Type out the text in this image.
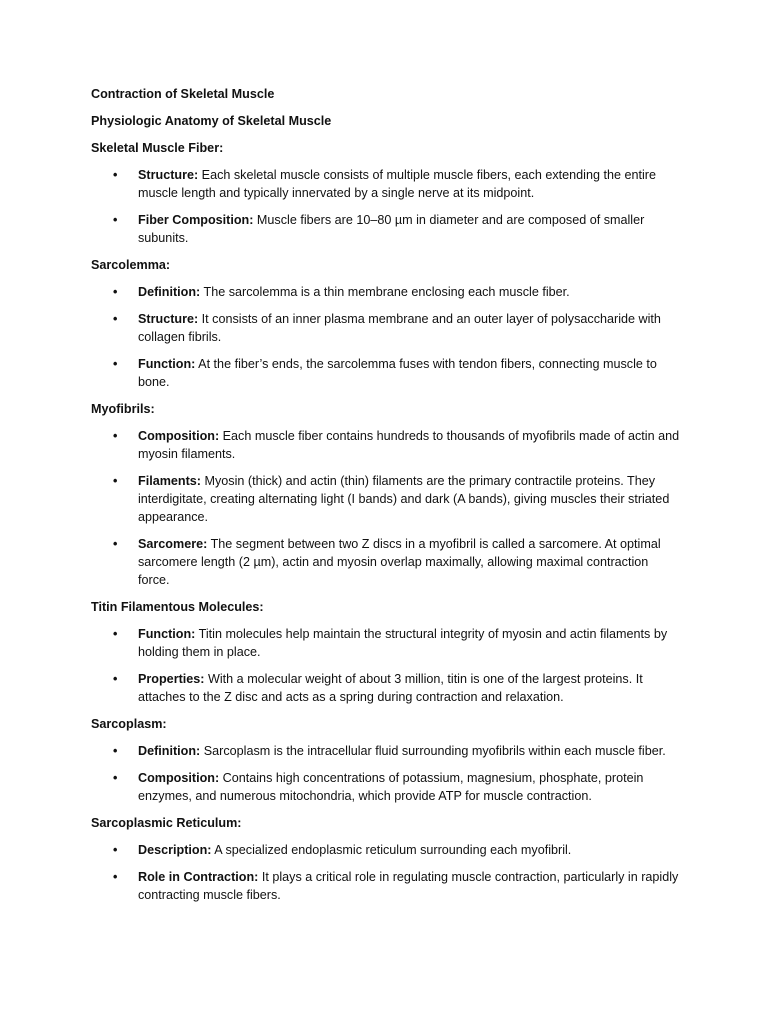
Contraction of Skeletal Muscle

Physiologic Anatomy of Skeletal Muscle

Skeletal Muscle Fiber:

• Structure: Each skeletal muscle consists of multiple muscle fibers, each extending the entire muscle length and typically innervated by a single nerve at its midpoint.
• Fiber Composition: Muscle fibers are 10–80 µm in diameter and are composed of smaller subunits.

Sarcolemma:

• Definition: The sarcolemma is a thin membrane enclosing each muscle fiber.
• Structure: It consists of an inner plasma membrane and an outer layer of polysaccharide with collagen fibrils.
• Function: At the fiber’s ends, the sarcolemma fuses with tendon fibers, connecting muscle to bone.

Myofibrils:

• Composition: Each muscle fiber contains hundreds to thousands of myofibrils made of actin and myosin filaments.
• Filaments: Myosin (thick) and actin (thin) filaments are the primary contractile proteins. They interdigitate, creating alternating light (I bands) and dark (A bands), giving muscles their striated appearance.
• Sarcomere: The segment between two Z discs in a myofibril is called a sarcomere. At optimal sarcomere length (2 µm), actin and myosin overlap maximally, allowing maximal contraction force.

Titin Filamentous Molecules:

• Function: Titin molecules help maintain the structural integrity of myosin and actin filaments by holding them in place.
• Properties: With a molecular weight of about 3 million, titin is one of the largest proteins. It attaches to the Z disc and acts as a spring during contraction and relaxation.

Sarcoplasm:

• Definition: Sarcoplasm is the intracellular fluid surrounding myofibrils within each muscle fiber.
• Composition: Contains high concentrations of potassium, magnesium, phosphate, protein enzymes, and numerous mitochondria, which provide ATP for muscle contraction.

Sarcoplasmic Reticulum:

• Description: A specialized endoplasmic reticulum surrounding each myofibril.
• Role in Contraction: It plays a critical role in regulating muscle contraction, particularly in rapidly contracting muscle fibers.
